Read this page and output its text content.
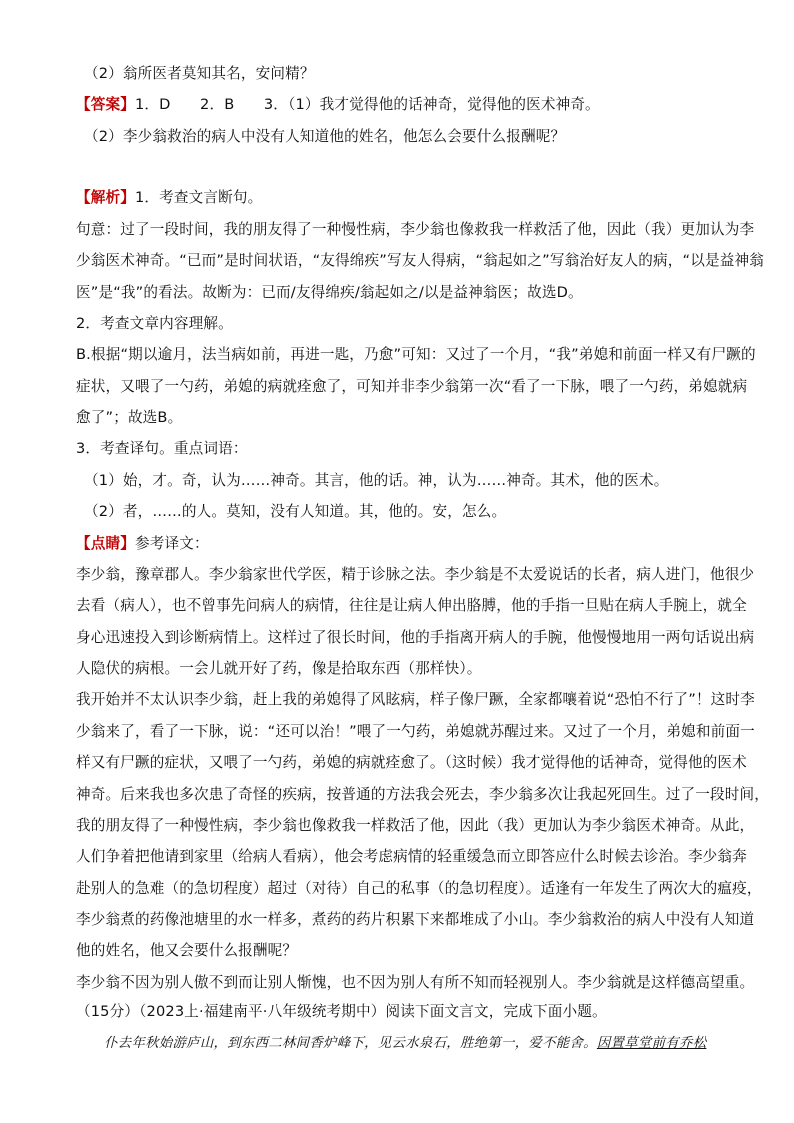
（2）翁所医者莫知其名，安问精？
【答案】1．D　　2．B　　3．（1）我才觉得他的话神奇，觉得他的医术神奇。
（2）李少翁救治的病人中没有人知道他的姓名，他怎么会要什么报酬呢？
【解析】1．考查文言断句。
句意：过了一段时间，我的朋友得了一种慢性病，李少翁也像救我一样救活了他，因此（我）更加认为李
少翁医术神奇。“已而”是时间状语，“友得绵疾”写友人得病，“翁起如之”写翁治好友人的病，“以是益神翁
医”是“我”的看法。故断为：已而/友得绵疾/翁起如之/以是益神翁医；故选D。
2．考查文章内容理解。
B.根据“期以逾月，法当病如前，再进一匙，乃愈”可知：又过了一个月，“我”弟媳和前面一样又有尸蹶的
症状，又喂了一勺药，弟媳的病就痊愈了，可知并非李少翁第一次“看了一下脉，喂了一勺药，弟媳就病
愈了”；故选B。
3．考查译句。重点词语：
（1）始，才。奇，认为……神奇。其言，他的话。神，认为……神奇。其术，他的医术。
（2）者，……的人。莫知，没有人知道。其，他的。安，怎么。
【点睛】参考译文：
李少翁，豫章郡人。李少翁家世代学医，精于诊脉之法。李少翁是不太爱说话的长者，病人进门，他很少
去看（病人），也不曾事先问病人的病情，往往是让病人伸出胳膊，他的手指一旦贴在病人手腕上，就全
身心迅速投入到诊断病情上。这样过了很长时间，他的手指离开病人的手腕，他慢慢地用一两句话说出病
人隐伏的病根。一会儿就开好了药，像是拾取东西（那样快）。
我开始并不太认识李少翁，赶上我的弟媳得了风眩病，样子像尸蹶，全家都嚷着说“恐怕不行了”！这时李
少翁来了，看了一下脉，说：“还可以治！”喂了一勺药，弟媳就苏醒过来。又过了一个月，弟媳和前面一
样又有尸蹶的症状，又喂了一勺药，弟媳的病就痊愈了。（这时候）我才觉得他的话神奇，觉得他的医术
神奇。后来我也多次患了奇怪的疾病，按普通的方法我会死去，李少翁多次让我起死回生。过了一段时间，
我的朋友得了一种慢性病，李少翁也像救我一样救活了他，因此（我）更加认为李少翁医术神奇。从此，
人们争着把他请到家里（给病人看病），他会考虑病情的轻重缓急而立即答应什么时候去诊治。李少翁奔
赴别人的急难（的急切程度）超过（对待）自己的私事（的急切程度）。适逢有一年发生了两次大的瘟疫，
李少翁煮的药像池塘里的水一样多，煮药的药片积累下来都堆成了小山。李少翁救治的病人中没有人知道
他的姓名，他又会要什么报酬呢？
李少翁不因为别人傲不到而让别人惭愧，也不因为别人有所不知而轻视别人。李少翁就是这样德高望重。
（15分）（2023上·福建南平·八年级统考期中）阅读下面文言文，完成下面小题。
仆去年秋始游庐山，到东西二林间香炉峰下，见云水泉石，胜绝第一，爱不能舍。因置草堂前有乔松
